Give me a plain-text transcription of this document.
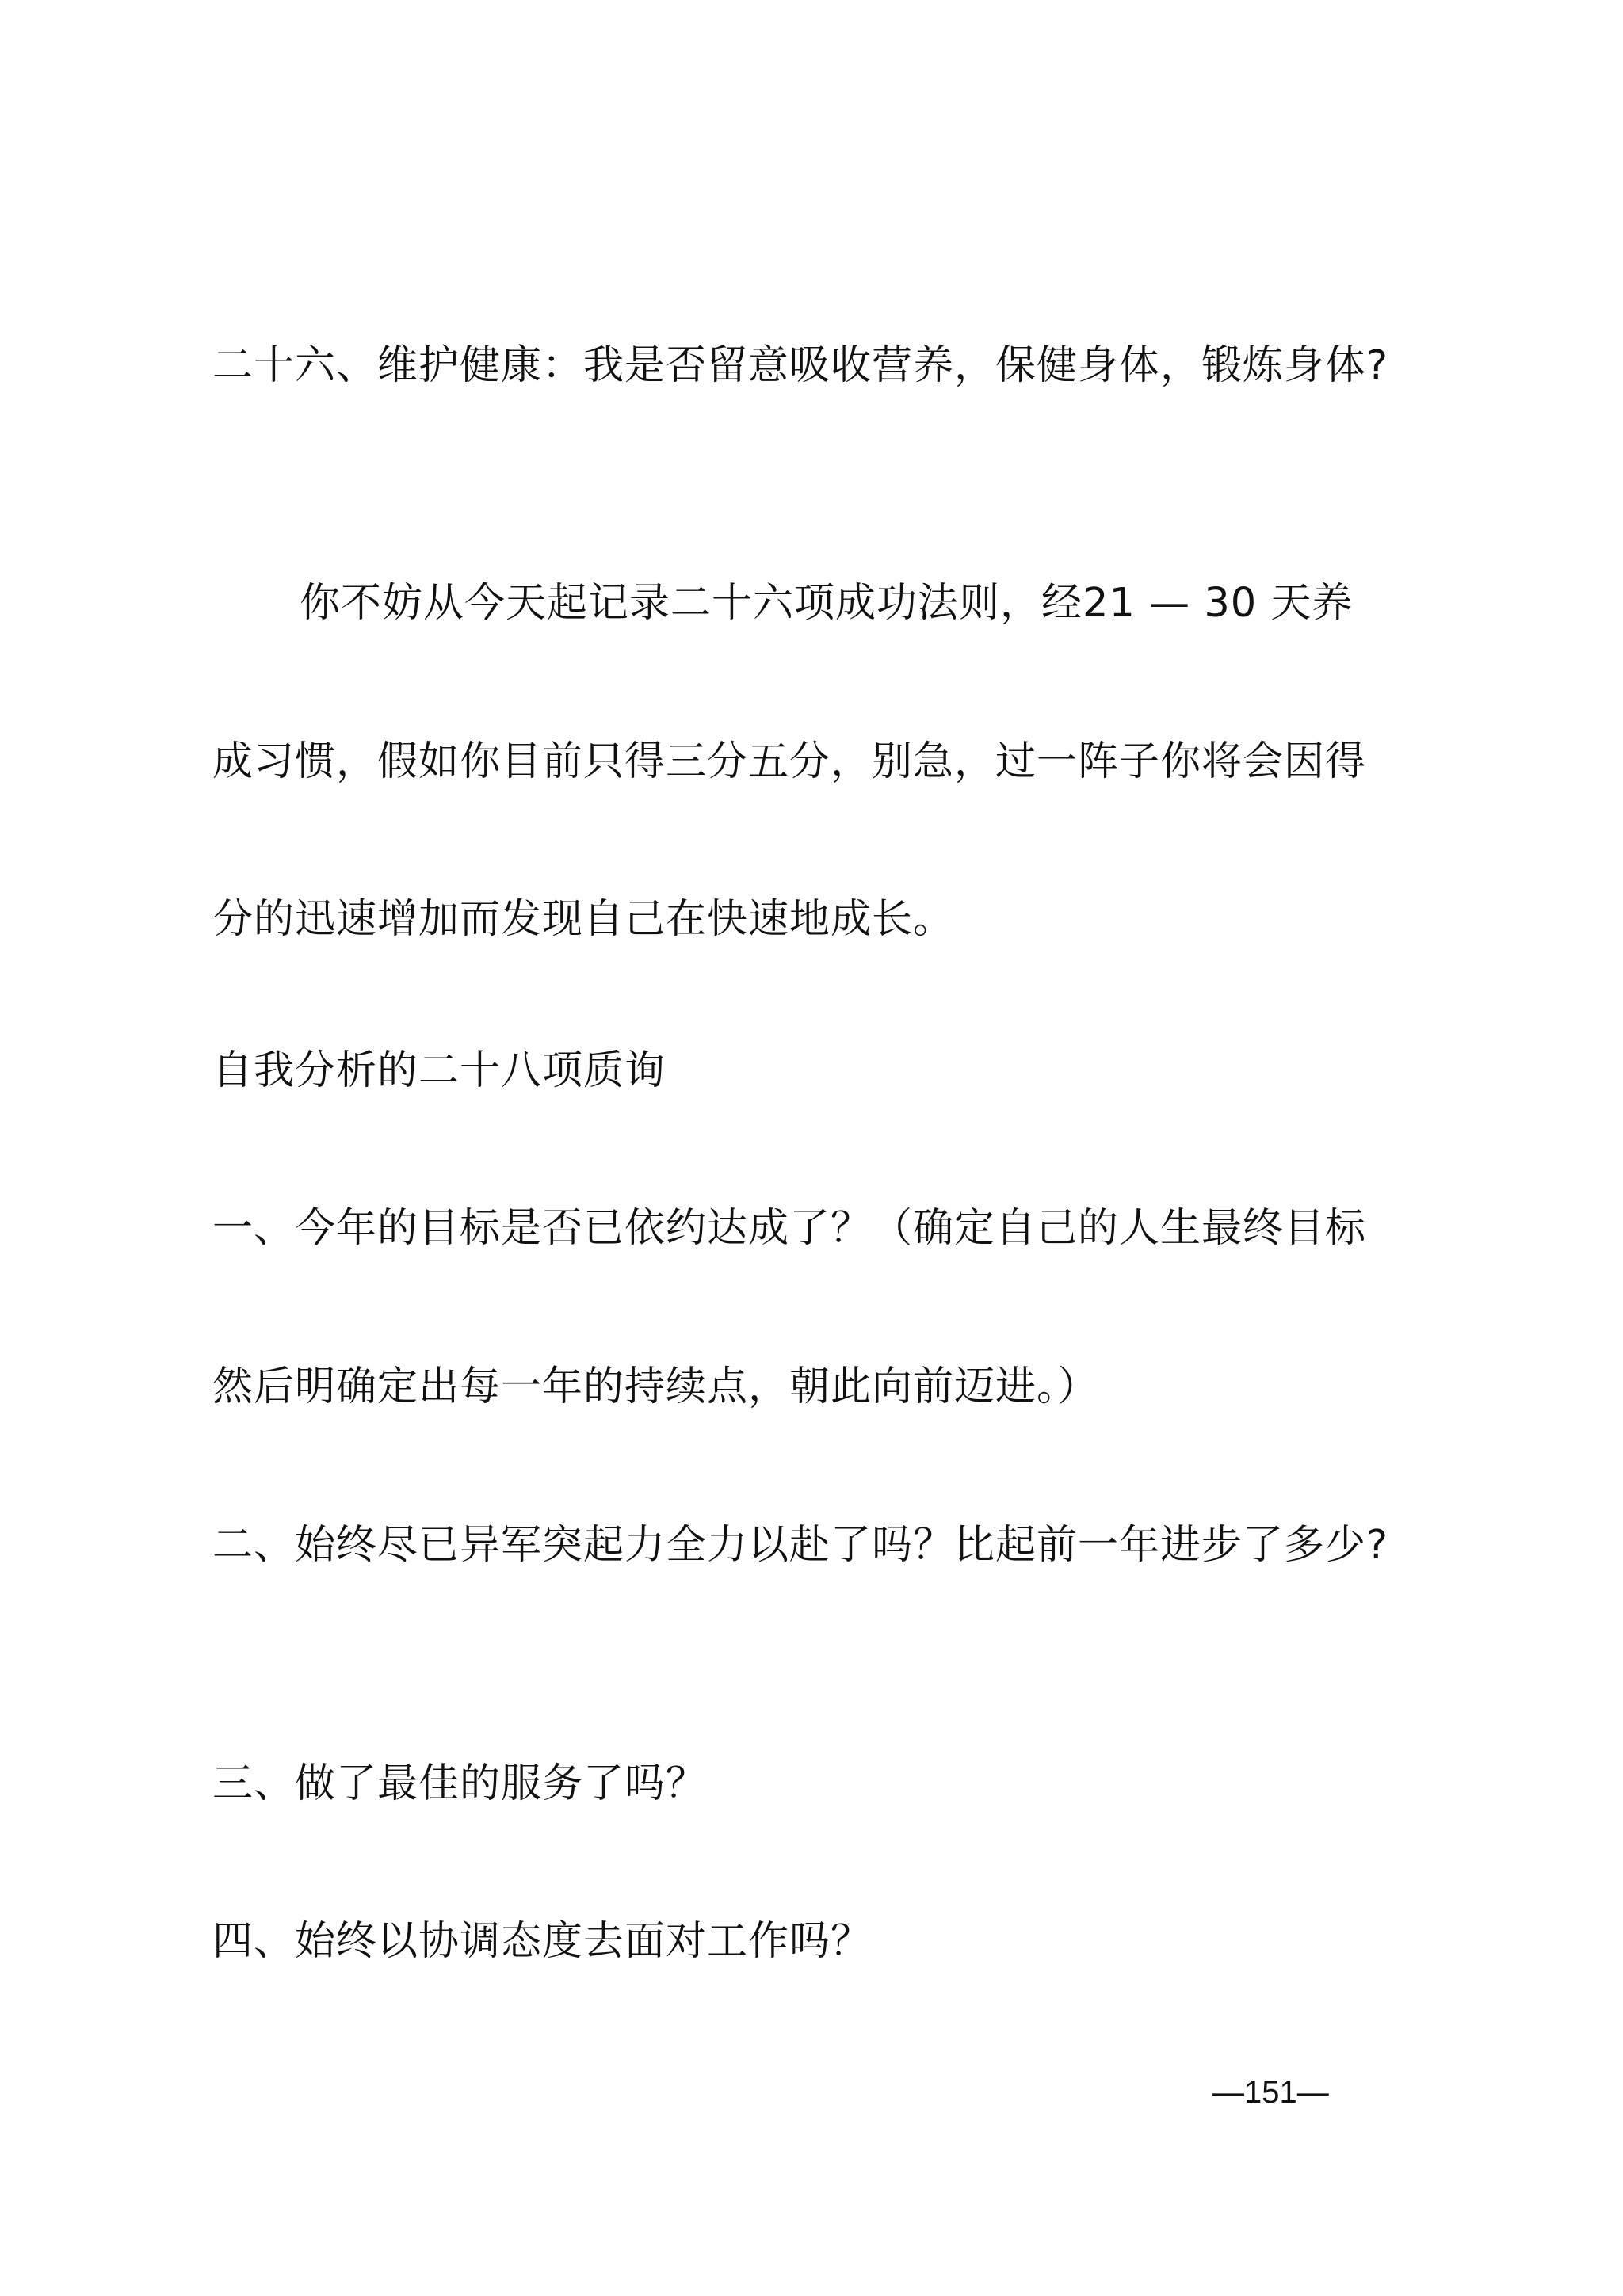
二十六、维护健康：我是否留意吸收营养，保健身体，锻炼身体?
你不妨从今天起记录二十六项成功法则，经21 — 30 天养
成习惯，假如你目前只得三分五分，别急，过一阵子你将会因得
分的迅速增加而发现自己在快速地成长。
自我分析的二十八项质询
一、今年的目标是否已依约达成了？（确定自己的人生最终目标
然后明确定出每一年的持续点，朝此向前迈进。）
二、始终尽已异军突起力全力以赴了吗？比起前一年进步了多少?
三、做了最佳的服务了吗？
四、始终以协调态度去面对工作吗？
—151—
